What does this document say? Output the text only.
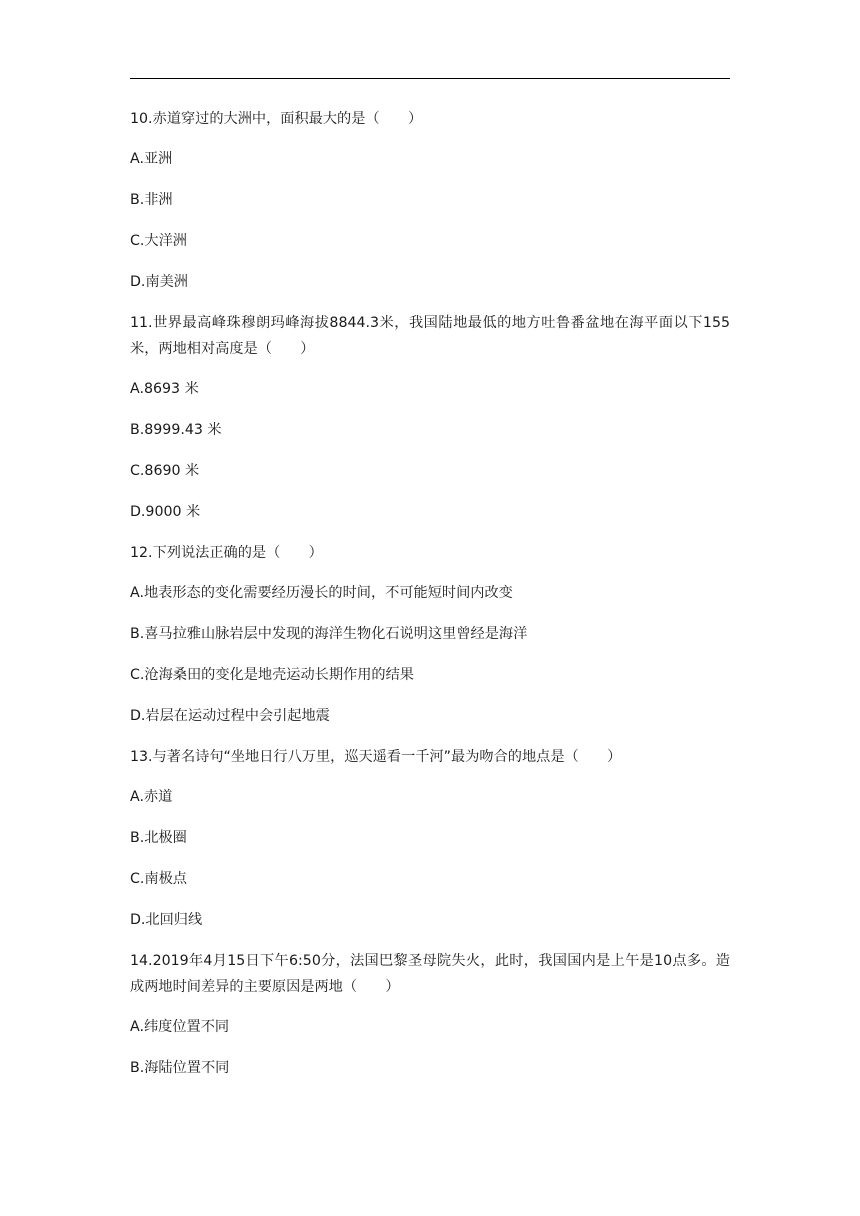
10.赤道穿过的大洲中，面积最大的是（　　）

A.亚洲

B.非洲

C.大洋洲

D.南美洲

11.世界最高峰珠穆朗玛峰海拔8844.3米，我国陆地最低的地方吐鲁番盆地在海平面以下155米，两地相对高度是（　　）

A.8693 米

B.8999.43 米

C.8690 米

D.9000 米

12.下列说法正确的是（　　）

A.地表形态的变化需要经历漫长的时间，不可能短时间内改变

B.喜马拉雅山脉岩层中发现的海洋生物化石说明这里曾经是海洋

C.沧海桑田的变化是地壳运动长期作用的结果

D.岩层在运动过程中会引起地震

13.与著名诗句“坐地日行八万里，巡天遥看一千河”最为吻合的地点是（　　）

A.赤道

B.北极圈

C.南极点

D.北回归线

14.2019年4月15日下午6:50分，法国巴黎圣母院失火，此时，我国国内是上午是10点多。造成两地时间差异的主要原因是两地（　　）

A.纬度位置不同

B.海陆位置不同
